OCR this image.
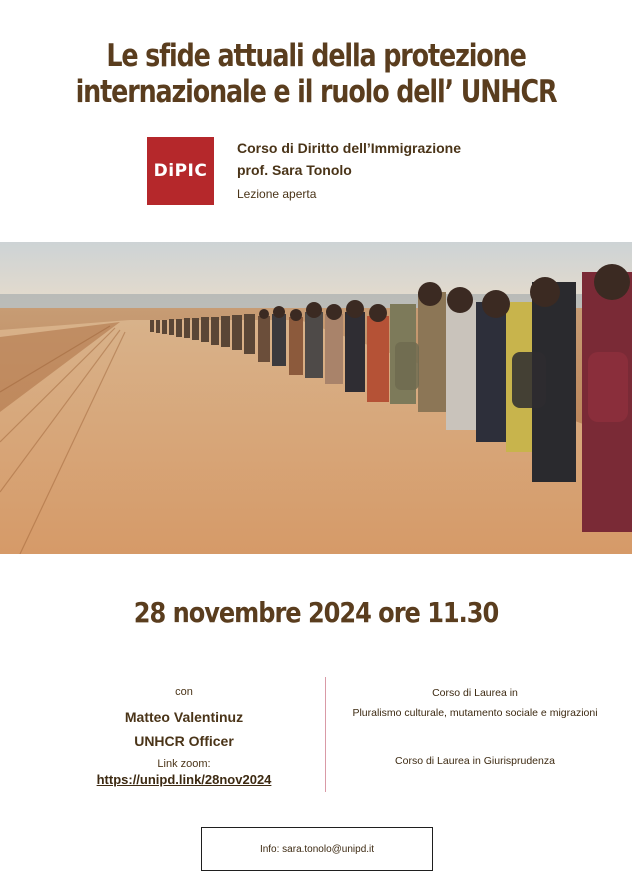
Le sfide attuali della protezione
internazionale e il ruolo dell’ UNHCR
DiPIC
Corso di Diritto dell’Immigrazione
prof. Sara Tonolo
Lezione aperta
28 novembre 2024 ore 11.30
con
Matteo Valentinuz
UNHCR Officer
Link zoom:
https://unipd.link/28nov2024
Corso di Laurea in
Pluralismo culturale, mutamento sociale e migrazioni
Corso di Laurea in Giurisprudenza
Info: sara.tonolo@unipd.it
